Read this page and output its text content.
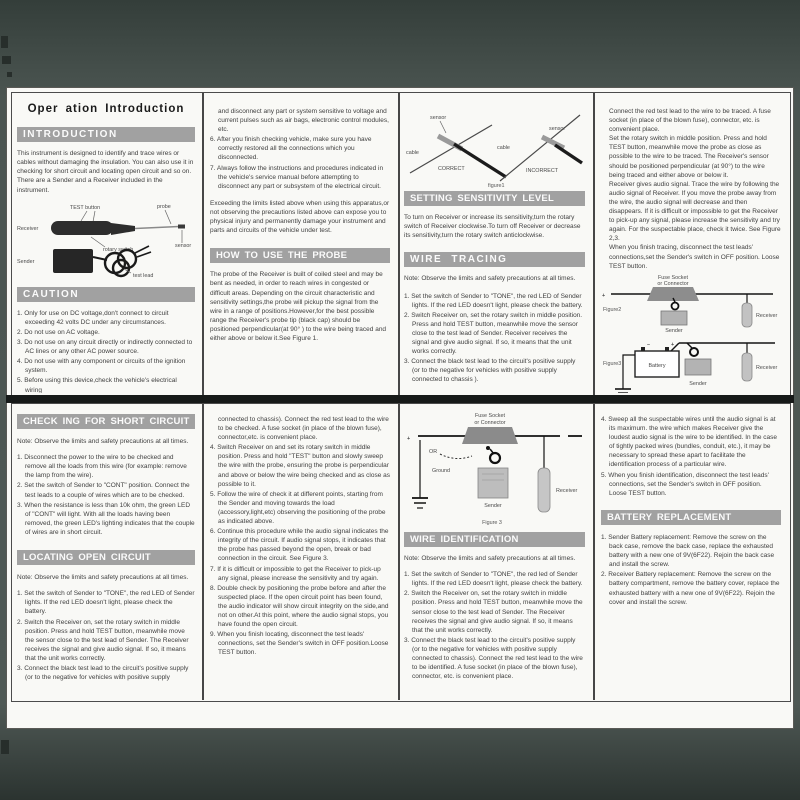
Oper ation Introduction
INTRODUCTION
This instrument is designed to identify and trace wires or cables without damaging the insulation. You can also use it in checking for short circuit and locating open circuit and so on. There are a Sender and a Receiver included in the instrument.
TEST button	probe
Receiver
rotary switch
sensor
Sender
test lead
CAUTION
1. Only for use on DC voltage,don't connect to circuit exceeding 42 volts DC under any circumstances.
2. Do not use on AC voltage.
3. Do not use on any circuit directly or indirectly connected to AC lines or any other AC power source.
4. Do not use with any component or circuits of the ignition system.
5. Before using this device,check the vehicle's electrical wiring
and disconnect any part or system sensitive to voltage and current pulses such as air bags, electronic control modules, etc.
6. After you finish checking vehicle, make sure you have correctly restored all the connections which you disconnected.
7. Always follow the instructions and procedures indicated in the vehicle's service manual before attempting to disconnect any part or subsystem of the electrical circuit.
Exceeding the limits listed above when using this apparatus,or not observing the precautions listed above can expose you to physical injury and permanently damage your instrument and parts and circuits of the vehicle under test.
HOW TO USE THE PROBE
The probe of the Receiver is built of coiled steel and may be bent as needed, in order to reach wires in congested or difficult areas. Depending on the circuit characteristic and sensitivity settings,the probe will pickup the signal from the wire in a range of positions.However,for the best possible range the Receiver's probe tip (black cap) should be positioned perpendicular(at 90° ) to the wire being traced and either above or below it.See Figure 1.
sensor
cable
CORRECT
cable
sensor
INCORRECT
figure1
SETTING SENSITIVITY LEVEL
To turn on Receiver or increase its sensitivity,turn the rotary switch of Receiver clockwise.To turn off Receiver or decrease its sensitivity,turn the rotary switch anticlockwise.
WIRE TRACING
Note: Observe the limits and safety precautions at all times.
1. Set the switch of Sender to "TONE", the red LED of Sender lights. If the red LED doesn't light, please check the battery.
2. Switch Receiver on, set the rotary switch in middle position. Press and hold TEST button, meanwhile move the sensor close to the test lead of Sender. Receiver receives the signal and give audio signal. If so, it means that the unit works correctly.
3. Connect the black test lead to the circuit's positive supply (or to the negative for vehicles with positive supply connected to chassis ).
Connect the red test lead to the wire to be traced. A fuse socket (in place of the blown fuse), connector, etc. is convenient place.
Set the rotary switch in middle position. Press and hold TEST button, meanwhile move the probe as close as possible to the wire to be traced. The Receiver's sensor should be positioned perpendicular (at 90°) to the wire being traced and either above or below it.
Receiver gives audio signal. Trace the wire by following the audio signal of Receiver. If you move the probe away from the wire, the audio signal will decrease and then disappears. If it is difficult or impossible to get the Receiver to pick-up any signal, please increase the sensitivity and try again. For the suspectable place, check it twice. See Figure 2,3.
When you finish tracing, disconnect the test leads' connections,set the Sender's switch in OFF position. Loose TEST button.
Fuse Socket
or Connector
+
Sender
Receiver
Figure2
Figure3
–	+
Battery
Sender
Receiver
CHECK ING FOR SHORT CIRCUIT
Note: Observe the limits and safety precautions at all times.
1. Disconnect the power to the wire to be checked and remove all the loads from this wire (for example: remove the lamp from the wire).
2. Set the switch of Sender to "CONT" position. Connect the test leads to a couple of wires which are to be checked.
3. When the resistance is less than 10k ohm, the green LED of "CONT" will light. With all the loads having been removed, the green LED's lighting indicates that the couple of wires are in short circuit.
LOCATING OPEN CIRCUIT
Note: Observe the limits and safety precautions at all times.
1. Set the switch of Sender to "TONE", the red LED of Sender lights. If the red LED doesn't light, please check the battery.
2. Switch the Receiver on, set the rotary switch in middle position. Press and hold TEST button, meanwhile move the sensor close to the test lead of Sender. The Receiver receives the signal and give audio signal. If so, it means that the unit works correctly.
3. Connect the black test lead to the circuit's positive supply (or to the negative for vehicles with positive supply
connected to chassis). Connect the red test lead to the wire to be checked. A fuse socket (in place of the blown fuse), connector,etc. is convenient place.
4. Switch Receiver on and set its rotary switch in middle position. Press and hold "TEST" button and slowly sweep the wire with the probe, ensuring the probe is perpendicular and above or below the wire being checked and as close as possible to it.
5. Follow the wire of check it at different points, starting from the Sender and moving towards the load (accessory,light,etc) observing the positioning of the probe as indicated above.
6. Continue this procedure while the audio signal indicates the integrity of the circuit. If audio signal stops, it indicates that the probe has passed beyond the open, break or bad connection in the circuit. See Figure 3.
7. If it is difficult or impossible to get the Receiver to pick-up any signal, please increase the sensitivity and try again.
8. Double check by positioning the probe before and after the suspected place. If the open circuit point has been found, the audio indicator will show circuit integrity on the side,and not on other.At this point, where the audio signal stops, you have found the open circuit.
9. When you finish locating, disconnect the test leads' connections, set the Sender's switch in OFF position.Loose TEST button.
Fuse Socket
or Connector
+
OR
Ground
Sender
Receiver
Figure 3
WIRE IDENTIFICATION
Note: Observe the limits and safety precautions at all times.
1. Set the switch of Sender to "TONE", the red led of Sender lights. If the red LED doesn't light, please check the battery.
2. Switch the Receiver on, set the rotary switch in middle position. Press and hold TEST button, meanwhile move the sensor close to the test lead of Sender. The Receiver receives the signal and give audio signal. If so, it means that the unit works correctly.
3. Connect the black test lead to the circuit's positive supply (or to the negative for vehicles with positive supply connected to chassis). Connect the red test lead to the wire to be identified. A fuse socket (in place of the blown fuse), connector, etc. is convenient place.
4. Sweep all the suspectable wires until the audio signal is at its maximum. the wire which makes Receiver give the loudest audio signal is the wire to be identified. In the case of tightly packed wires (bundles, conduit, etc.), it may be necessary to spread these apart to facilitate the identification process of a particular wire.
5. When you finish identification, disconnect the test leads' connections, set the Sender's switch in OFF position. Loose TEST button.
BATTERY REPLACEMENT
1. Sender Battery replacement: Remove the screw on the back case, remove the back case, replace the exhausted battery with a new one of 9V(6F22). Rejoin the back case and install the screw.
2. Receiver Battery replacement: Remove the screw on the battery compartment, remove the battery cover, replace the exhausted battery with a new one of 9V(6F22). Rejoin the cover and install the screw.
